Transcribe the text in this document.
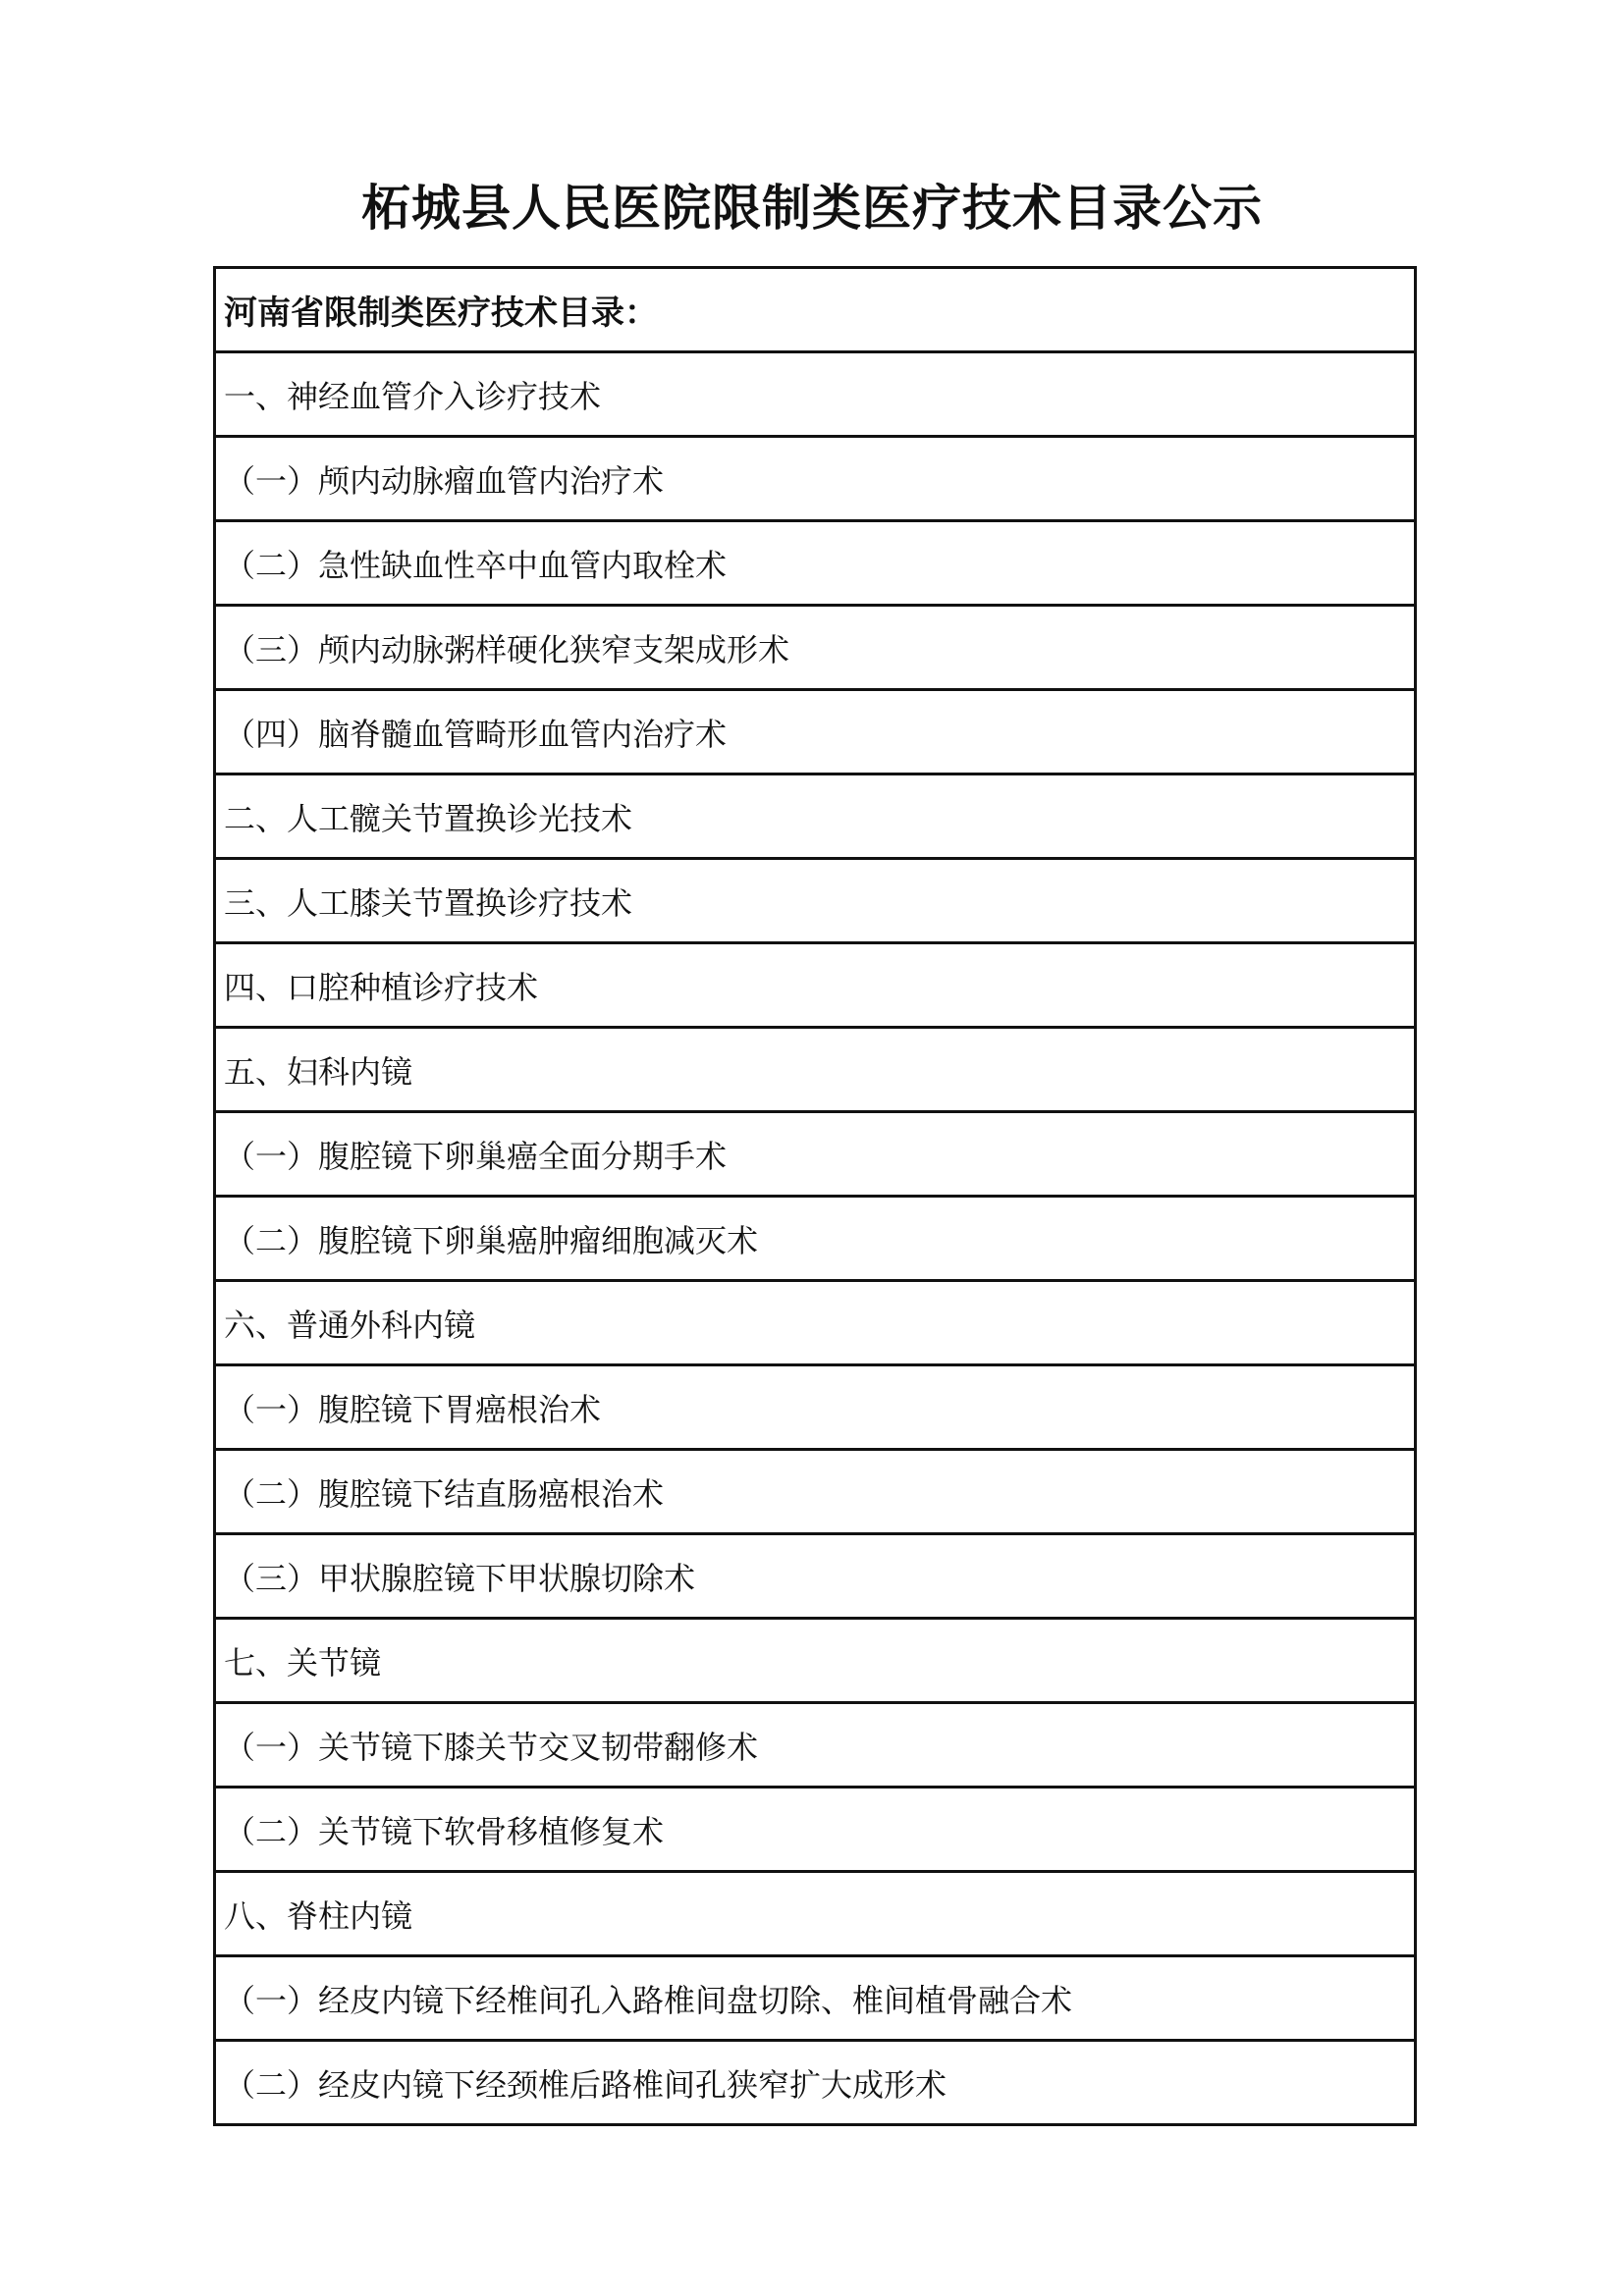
柘城县人民医院限制类医疗技术目录公示
河南省限制类医疗技术目录：
一、神经血管介入诊疗技术
（一）颅内动脉瘤血管内治疗术
（二）急性缺血性卒中血管内取栓术
（三）颅内动脉粥样硬化狭窄支架成形术
（四）脑脊髓血管畸形血管内治疗术
二、人工髋关节置换诊光技术
三、人工膝关节置换诊疗技术
四、口腔种植诊疗技术
五、妇科内镜
（一）腹腔镜下卵巢癌全面分期手术
（二）腹腔镜下卵巢癌肿瘤细胞减灭术
六、普通外科内镜
（一）腹腔镜下胃癌根治术
（二）腹腔镜下结直肠癌根治术
（三）甲状腺腔镜下甲状腺切除术
七、关节镜
（一）关节镜下膝关节交叉韧带翻修术
（二）关节镜下软骨移植修复术
八、脊柱内镜
（一）经皮内镜下经椎间孔入路椎间盘切除、椎间植骨融合术
（二）经皮内镜下经颈椎后路椎间孔狭窄扩大成形术
